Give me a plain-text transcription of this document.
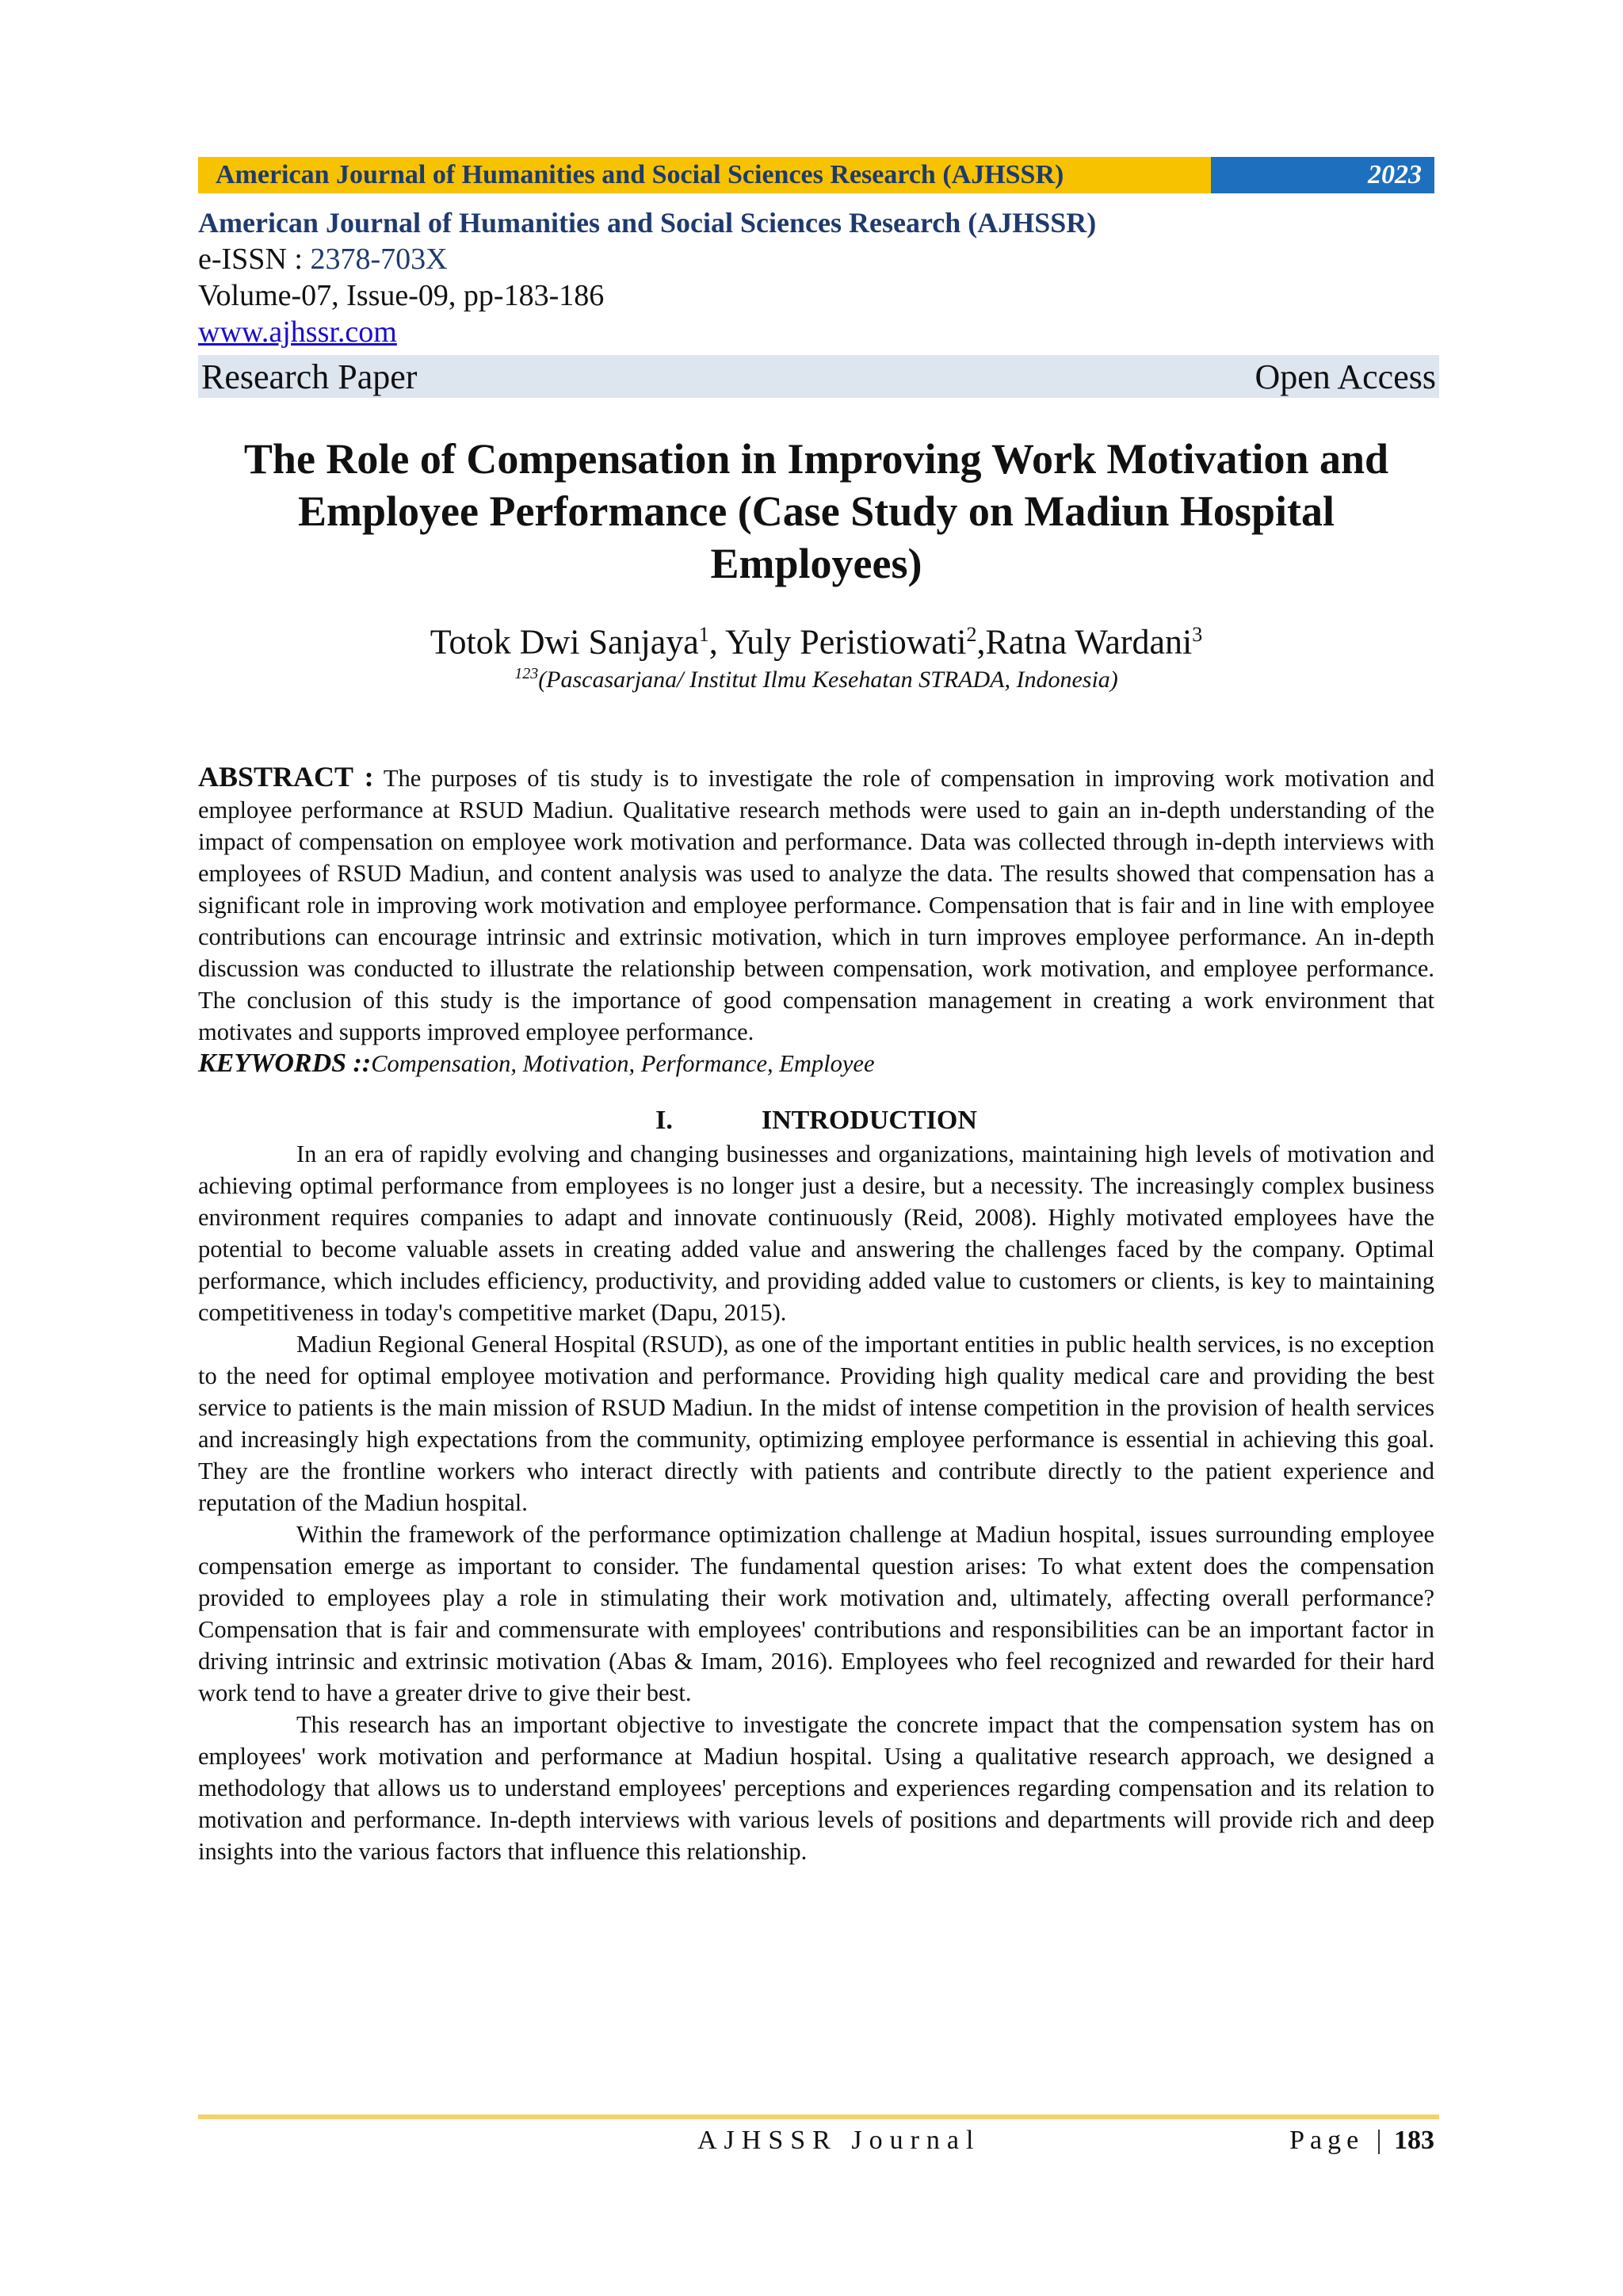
American Journal of Humanities and Social Sciences Research (AJHSSR)	2023
American Journal of Humanities and Social Sciences Research (AJHSSR)
e-ISSN : 2378-703X
Volume-07, Issue-09, pp-183-186
www.ajhssr.com
Research Paper	Open Access
The Role of Compensation in Improving Work Motivation and Employee Performance (Case Study on Madiun Hospital Employees)
Totok Dwi Sanjaya$^1$, Yuly Peristiowati$^2$,Ratna Wardani$^3$
$^{123}$(Pascasarjana/ Institut Ilmu Kesehatan STRADA, Indonesia)
ABSTRACT : The purposes of tis study is to investigate the role of compensation in improving work motivation and employee performance at RSUD Madiun. Qualitative research methods were used to gain an in-depth understanding of the impact of compensation on employee work motivation and performance. Data was collected through in-depth interviews with employees of RSUD Madiun, and content analysis was used to analyze the data. The results showed that compensation has a significant role in improving work motivation and employee performance. Compensation that is fair and in line with employee contributions can encourage intrinsic and extrinsic motivation, which in turn improves employee performance. An in-depth discussion was conducted to illustrate the relationship between compensation, work motivation, and employee performance. The conclusion of this study is the importance of good compensation management in creating a work environment that motivates and supports improved employee performance.
KEYWORDS ::Compensation, Motivation, Performance, Employee
I.	INTRODUCTION

In an era of rapidly evolving and changing businesses and organizations, maintaining high levels of motivation and achieving optimal performance from employees is no longer just a desire, but a necessity. The increasingly complex business environment requires companies to adapt and innovate continuously (Reid, 2008). Highly motivated employees have the potential to become valuable assets in creating added value and answering the challenges faced by the company. Optimal performance, which includes efficiency, productivity, and providing added value to customers or clients, is key to maintaining competitiveness in today's competitive market (Dapu, 2015).

Madiun Regional General Hospital (RSUD), as one of the important entities in public health services, is no exception to the need for optimal employee motivation and performance. Providing high quality medical care and providing the best service to patients is the main mission of RSUD Madiun. In the midst of intense competition in the provision of health services and increasingly high expectations from the community, optimizing employee performance is essential in achieving this goal. They are the frontline workers who interact directly with patients and contribute directly to the patient experience and reputation of the Madiun hospital.

Within the framework of the performance optimization challenge at Madiun hospital, issues surrounding employee compensation emerge as important to consider. The fundamental question arises: To what extent does the compensation provided to employees play a role in stimulating their work motivation and, ultimately, affecting overall performance? Compensation that is fair and commensurate with employees' contributions and responsibilities can be an important factor in driving intrinsic and extrinsic motivation (Abas & Imam, 2016). Employees who feel recognized and rewarded for their hard work tend to have a greater drive to give their best.

This research has an important objective to investigate the concrete impact that the compensation system has on employees' work motivation and performance at Madiun hospital. Using a qualitative research approach, we designed a methodology that allows us to understand employees' perceptions and experiences regarding compensation and its relation to motivation and performance. In-depth interviews with various levels of positions and departments will provide rich and deep insights into the various factors that influence this relationship.

AJHSSR Journal	Page | 183
